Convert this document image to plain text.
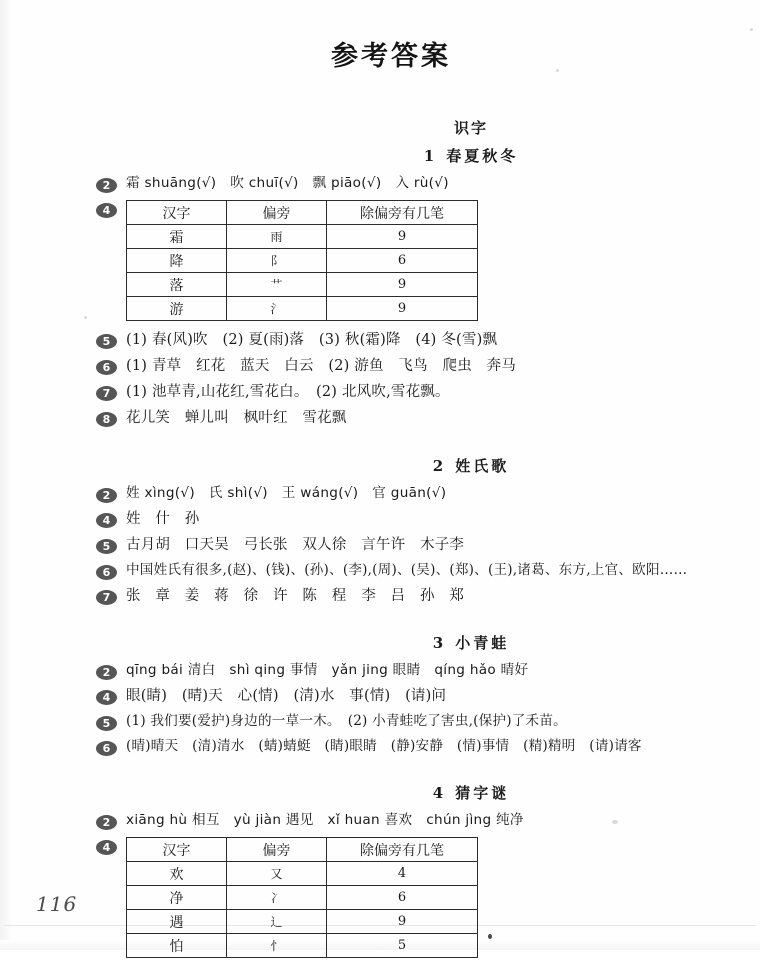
参考答案
识字
1 春夏秋冬
2	霜 shuāng(√)　吹 chuī(√)　飘 piāo(√)　入 rù(√)
4	汉字	偏旁	除偏旁有几笔
霜	雨	9
降	阝	6
落	艹	9
游	氵	9
5	(1) 春(风)吹　(2) 夏(雨)落　(3) 秋(霜)降　(4) 冬(雪)飘
6	(1) 青草　红花　蓝天　白云　(2) 游鱼　飞鸟　爬虫　奔马
7	(1) 池草青,山花红,雪花白。　(2) 北风吹,雪花飘。
8	花儿笑　蝉儿叫　枫叶红　雪花飘
2 姓氏歌
2	姓 xìng(√)　氏 shì(√)　王 wáng(√)　官 guān(√)
4	姓　什　孙
5	古月胡　口天吴　弓长张　双人徐　言午许　木子李
6	中国姓氏有很多,(赵)、(钱)、(孙)、(李),(周)、(吴)、(郑)、(王),诸葛、东方,上官、欧阳……
7	张　章　姜　蒋　徐　许　陈　程　李　吕　孙　郑
3 小青蛙
2	qīng bái 清白　shì qing 事情　yǎn jing 眼睛　qíng hǎo 晴好
4	眼(睛)　(晴)天　心(情)　(清)水　事(情)　(请)问
5	(1) 我们要(爱护)身边的一草一木。　(2) 小青蛙吃了害虫,(保护)了禾苗。
6	(晴)晴天　(清)清水　(蜻)蜻蜓　(睛)眼睛　(静)安静　(情)事情　(精)精明　(请)请客
4 猜字谜
2	xiāng hù 相互　yù jiàn 遇见　xǐ huan 喜欢　chún jìng 纯净
4	汉字	偏旁	除偏旁有几笔
欢	又	4
净	冫	6
遇	辶	9
怕	忄	5
116
